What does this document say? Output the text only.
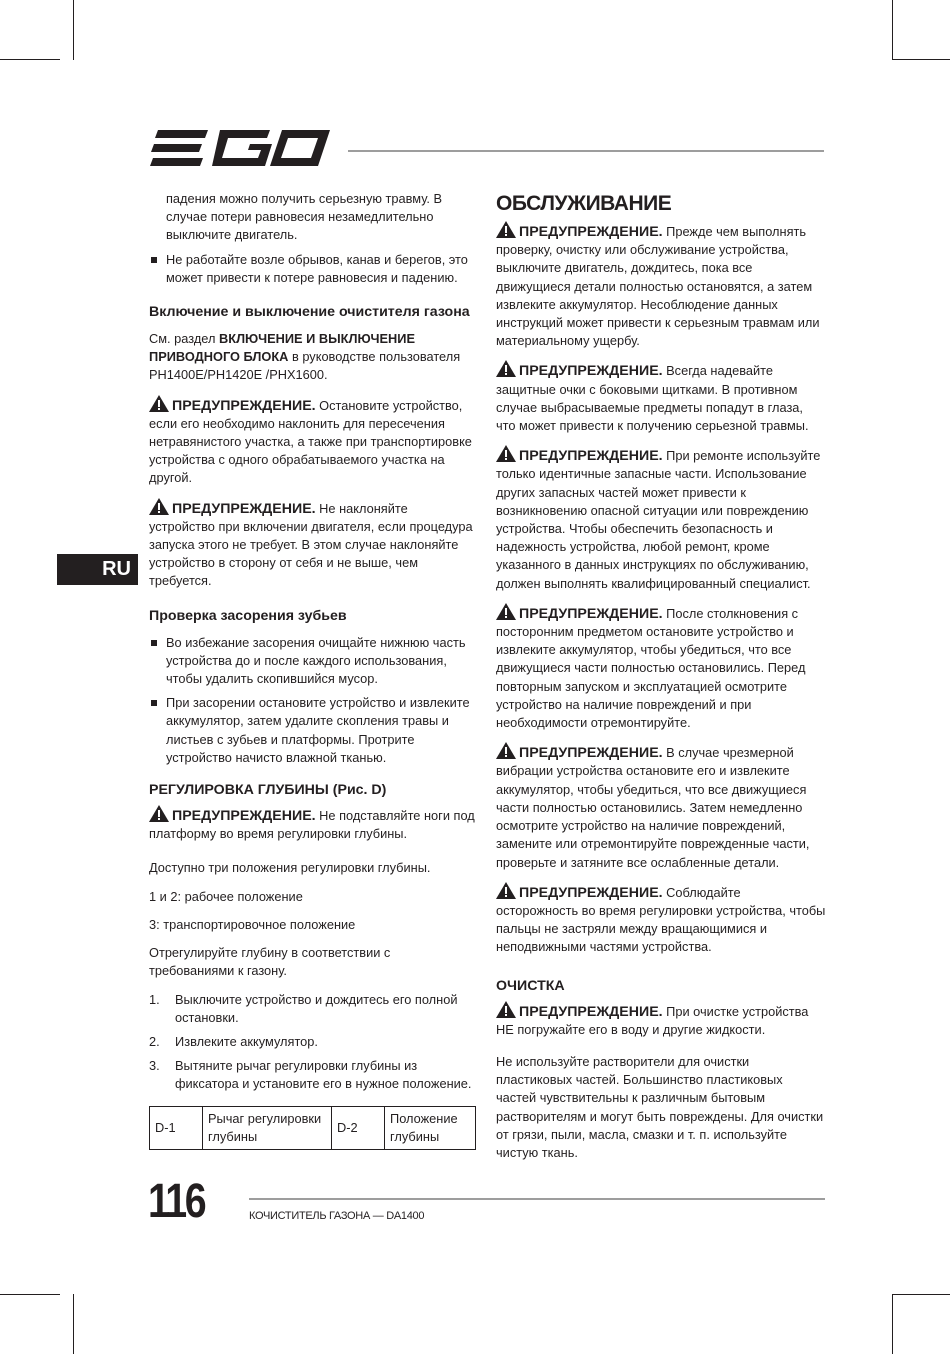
RU
падения можно получить серьезную травму. В случае потери равновесия незамедлительно выключите двигатель.
Не работайте возле обрывов, канав и берегов, это может привести к потере равновесия и падению.
Включение и выключение очистителя газона

См. раздел ВКЛЮЧЕНИЕ И ВЫКЛЮЧЕНИЕ ПРИВОДНОГО БЛОКА в руководстве пользователя PH1400E/PH1420E /PHX1600.

ПРЕДУПРЕЖДЕНИЕ. Остановите устройство, если его необходимо наклонить для пересечения нетравянистого участка, а также при транспортировке устройства с одного обрабатываемого участка на другой.

ПРЕДУПРЕЖДЕНИЕ. Не наклоняйте устройство при включении двигателя, если процедура запуска этого не требует. В этом случае наклоняйте устройство в сторону от себя и не выше, чем требуется.

Проверка засорения зубьев
Во избежание засорения очищайте нижнюю часть устройства до и после каждого использования, чтобы удалить скопившийся мусор.
При засорении остановите устройство и извлеките аккумулятор, затем удалите скопления травы и листьев с зубьев и платформы. Протрите устройство начисто влажной тканью.
РЕГУЛИРОВКА ГЛУБИНЫ (Рис. D)

ПРЕДУПРЕЖДЕНИЕ. Не подставляйте ноги под платформу во время регулировки глубины.

Доступно три положения регулировки глубины.

1 и 2: рабочее положение

3: транспортировочное положение

Отрегулируйте глубину в соответствии с требованиями к газону.

1. Выключите устройство и дождитесь его полной остановки.
2. Извлеките аккумулятор.
3. Вытяните рычаг регулировки глубины из фиксатора и установите его в нужное положение.
D-1	Рычаг регулировки глубины	D-2	Положение глубины
ОБСЛУЖИВАНИЕ

ПРЕДУПРЕЖДЕНИЕ. Прежде чем выполнять проверку, очистку или обслуживание устройства, выключите двигатель, дождитесь, пока все движущиеся детали полностью остановятся, а затем извлеките аккумулятор. Несоблюдение данных инструкций может привести к серьезным травмам или материальному ущербу.

ПРЕДУПРЕЖДЕНИЕ. Всегда надевайте защитные очки с боковыми щитками. В противном случае выбрасываемые предметы попадут в глаза, что может привести к получению серьезной травмы.

ПРЕДУПРЕЖДЕНИЕ. При ремонте используйте только идентичные запасные части. Использование других запасных частей может привести к возникновению опасной ситуации или повреждению устройства. Чтобы обеспечить безопасность и надежность устройства, любой ремонт, кроме указанного в данных инструкциях по обслуживанию, должен выполнять квалифицированный специалист.

ПРЕДУПРЕЖДЕНИЕ. После столкновения с посторонним предметом остановите устройство и извлеките аккумулятор, чтобы убедиться, что все движущиеся части полностью остановились. Перед повторным запуском и эксплуатацией осмотрите устройство на наличие повреждений и при необходимости отремонтируйте.

ПРЕДУПРЕЖДЕНИЕ. В случае чрезмерной вибрации устройства остановите его и извлеките аккумулятор, чтобы убедиться, что все движущиеся части полностью остановились. Затем немедленно осмотрите устройство на наличие повреждений, замените или отремонтируйте поврежденные части, проверьте и затяните все ослабленные детали.

ПРЕДУПРЕЖДЕНИЕ. Соблюдайте осторожность во время регулировки устройства, чтобы пальцы не застряли между вращающимися и неподвижными частями устройства.

ОЧИСТКА

ПРЕДУПРЕЖДЕНИЕ. При очистке устройства НЕ погружайте его в воду и другие жидкости.

Не используйте растворители для очистки пластиковых частей. Большинство пластиковых частей чувствительны к различным бытовым растворителям и могут быть повреждены. Для очистки от грязи, пыли, масла, смазки и т. п. используйте чистую ткань.

116	КОЧИСТИТЕЛЬ ГАЗОНА — DA1400
